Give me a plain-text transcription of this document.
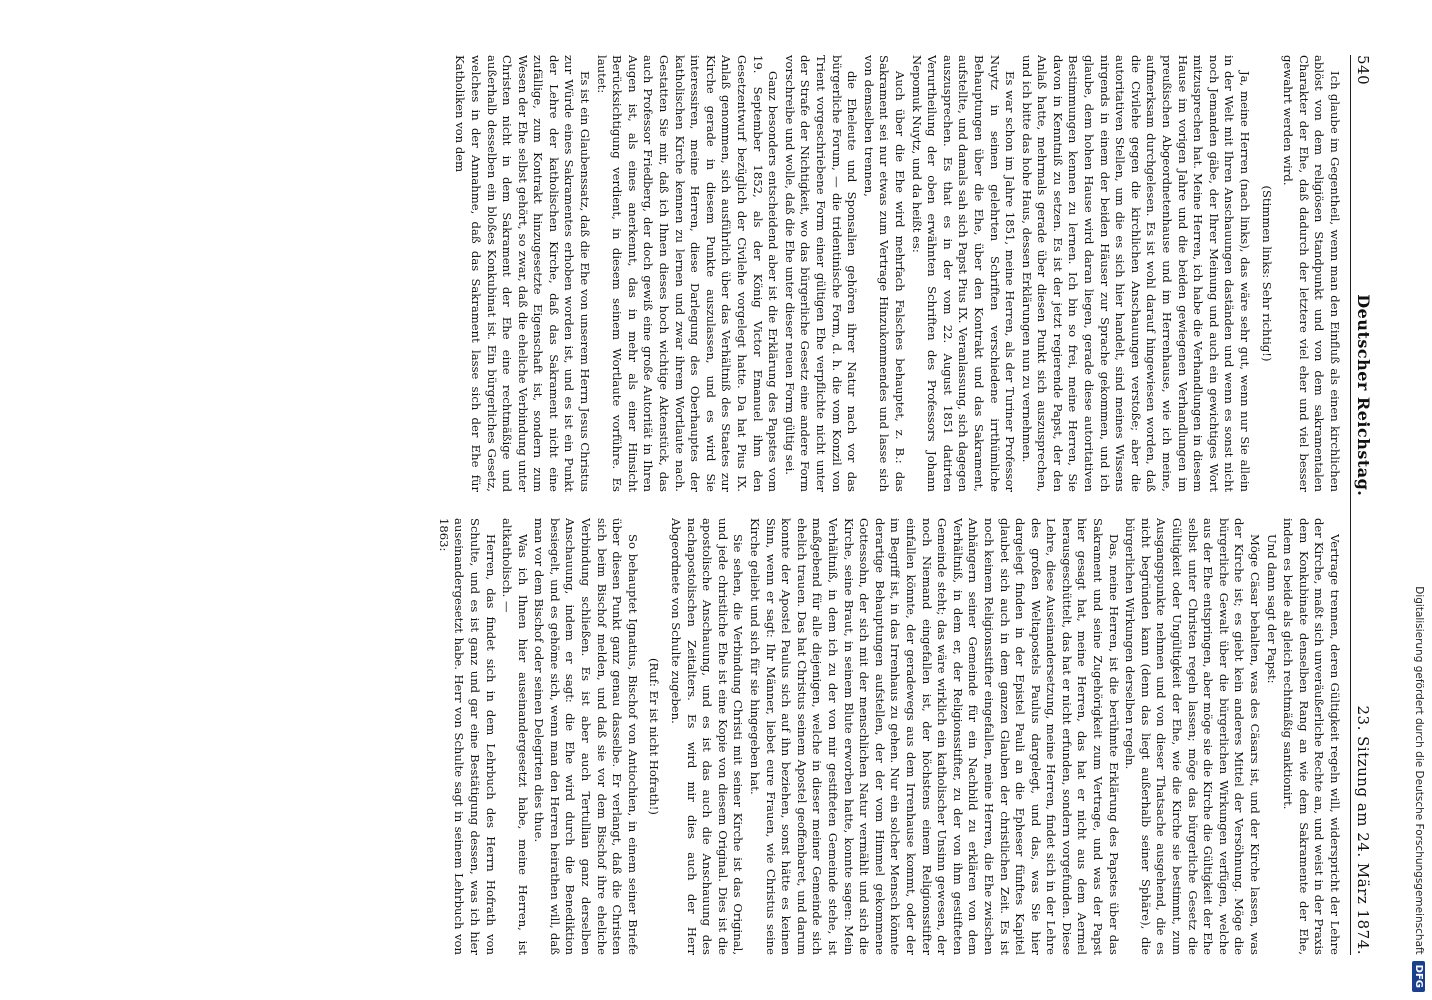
540
Deutscher Reichstag.
23. Sitzung am 24. März 1874.

Ich glaube im Gegentheil, wenn man den Einfluß als einen kirchlichen ablöst von dem religiösen Standpunkt und von dem sakramentalen Charakter der Ehe, daß dadurch der letztere viel eher und viel besser gewahrt werden wird.

(Stimmen links: Sehr richtig!)

Ja, meine Herren (nach links), das wäre sehr gut, wenn nur Sie allein in der Welt mit Ihren Anschauungen daständen und wenn es sonst nicht noch Jemanden gäbe, der Ihrer Meinung und auch ein gewichtiges Wort mitzusprechen hat. Meine Herren, ich habe die Verhandlungen in diesem Hause im vorigen Jahre und die beiden gewiegenen Verhandlungen im preußischen Abgeordnetenhause und im Herrenhause, wie ich meine, aufmerksam durchgelesen. Es ist wohl darauf hingewiesen worden, daß die Civilehe gegen die kirchlichen Anschauungen verstoße; aber die autoritativen Stellen, um die es sich hier handelt, sind meines Wissens nirgends in einem der beiden Häuser zur Sprache gekommen, und ich glaube, dem hohen Hause wird daran liegen, gerade diese autoritativen Bestimmungen kennen zu lernen. Ich bin so frei, meine Herren, Sie davon in Kenntniß zu setzen. Es ist der jetzt regierende Papst, der den Anlaß hatte, mehrmals gerade über diesen Punkt sich auszusprechen, und ich bitte das hohe Haus, dessen Erklärungen nun zu vernehmen.

Es war schon im Jahre 1851, meine Herren, als der Turiner Professor Nuytz in seinen gelehrten Schriften verschiedene irrthümliche Behauptungen über die Ehe, über den Kontrakt und das Sakrament, aufstellte, und damals sah sich Papst Pius IX. Veranlassung, sich dagegen auszusprechen. Es that es in der vom 22. August 1851 datirten Verurtheilung der oben erwähnten Schriften des Professors Johann Nepomuk Nuytz, und da heißt es:

Auch über die Ehe wird mehrfach Falsches behauptet, z. B.: das Sakrament sei nur etwas zum Vertrage Hinzukommendes und lasse sich von demselben trennen,

die Eheleute und Sponsalien gehören ihrer Natur nach vor das bürgerliche Forum, — die tridentinische Form, d. h. die vom Konzil von Trient vorgeschriebene Form einer gültigen Ehe verpflichte nicht unter der Strafe der Nichtigkeit, wo das bürgerliche Gesetz eine andere Form vorschreibe und wolle, daß die Ehe unter dieser neuen Form gültig sei.

Ganz besonders entscheidend aber ist die Erklärung des Papstes vom 19. September 1852, als der König Victor Emanuel ihm den Gesetzentwurf bezüglich der Civilehe vorgelegt hatte. Da hat Pius IX. Anlaß genommen, sich ausführlich über das Verhältniß des Staates zur Kirche gerade in diesem Punkte auszulassen, und es wird Sie interessiren, meine Herren, diese Darlegung des Oberhauptes der katholischen Kirche kennen zu lernen und zwar ihrem Wortlaute nach. Gestatten Sie mir, daß ich Ihnen dieses hoch wichtige Aktenstück, das auch Professor Friedberg, der doch gewiß eine große Autorität in Ihren Augen ist, als eines anerkennt, das in mehr als einer Hinsicht Berücksichtigung verdient, in diesem seinem Wortlaute vorführe. Es lautet:

Es ist ein Glaubenssatz, daß die Ehe von unserem Herrn Jesus Christus zur Würde eines Sakramentes erhoben worden ist, und es ist ein Punkt der Lehre der katholischen Kirche, daß das Sakrament nicht eine zufällige, zum Kontrakt hinzugesetzte Eigenschaft ist, sondern zum Wesen der Ehe selbst gehört, so zwar, daß die eheliche Verbindung unter Christen nicht in dem Sakrament der Ehe eine rechtmäßige und außerhalb desselben ein bloßes Konkubinat ist. Ein bürgerliches Gesetz, welches in der Annahme, daß das Sakrament lasse sich der Ehe für Katholiken von dem

Vertrage trennen, deren Gültigkeit regeln will, widerspricht der Lehre der Kirche, maßt sich unveräußerliche Rechte an, und weist in der Praxis dem Konkubinate denselben Rang an wie dem Sakramente der Ehe, indem es beide als gleich rechtmäßig sanktionirt.

Und dann sagt der Papst:

Möge Cäsar behalten, was des Cäsars ist, und der Kirche lassen, was der Kirche ist; es giebt kein anderes Mittel der Versöhnung. Möge die bürgerliche Gewalt über die bürgerlichen Wirkungen verfügen, welche aus der Ehe entspringen, aber möge sie die Kirche die Gültigkeit der Ehe selbst unter Christen regeln lassen; möge das bürgerliche Gesetz die Gültigkeit oder Ungültigkeit der Ehe, wie die Kirche sie bestimmt, zum Ausgangspunkte nehmen und von dieser Thatsache ausgehend, die es nicht begründen kann (denn das liegt außerhalb seiner Sphäre), die bürgerlichen Wirkungen derselben regeln.

Das, meine Herren, ist die berühmte Erklärung des Papstes über das Sakrament und seine Zugehörigkeit zum Vertrage, und was der Papst hier gesagt hat, meine Herren, das hat er nicht aus dem Aermel herausgeschüttelt, das hat er nicht erfunden, sondern vorgefunden. Diese Lehre, diese Auseinandersetzung, meine Herren, findet sich in der Lehre des großen Weltapostels Paulus dargelegt, und das, was Sie hier dargelegt finden in der Epistel Pauli an die Epheser fünftes Kapitel glaubet sich auch in dem ganzen Glauben der christlichen Zeit. Es ist noch keinem Religionsstifter eingefallen, meine Herren, die Ehe zwischen Anhängern seiner Gemeinde für ein Nachbild zu erklären von dem Verhältniß, in dem er, der Religionsstifter, zu der von ihm gestifteten Gemeinde steht; das wäre wirklich ein katholischer Unsinn gewesen, der noch Niemand eingefallen ist, der höchstens einem Religionsstifter einfallen könnte, der geradewegs aus dem Irrenhause kommt, oder der im Begriff ist, in das Irrenhaus zu gehen. Nur ein solcher Mensch könnte derartige Behauptungen aufstellen, der der vom Himmel gekommene Gottessohn, der sich mit der menschlichen Natur vermählt und sich die Kirche, seine Braut, in seinem Blute erworben hatte, konnte sagen: Mein Verhältniß, in dem ich zu der von mir gestifteten Gemeinde stehe, ist maßgebend für alle diejenigen, welche in dieser meiner Gemeinde sich ehelich trauen. Das hat Christus seinem Apostel geoffenbaret, und darum konnte der Apostel Paulus sich auf ihn beziehen, sonst hätte es keinen Sinn, wenn er sagt: Ihr Männer, liebet eure Frauen, wie Christus seine Kirche geliebt und sich für sie hingegeben hat.

Sie sehen, die Verbindung Christi mit seiner Kirche ist das Original, und jede christliche Ehe ist eine Kopie von diesem Original. Dies ist die apostolische Anschauung, und es ist das auch die Anschauung des nachapostolischen Zeitalters. Es wird mir dies auch der Herr Abgeordnete von Schulte zugeben.

(Ruf: Er ist nicht Hofrath!)

So behauptet Ignatius, Bischof von Antiochien, in einem seiner Briefe über diesen Punkt ganz genau dasselbe. Er verlangt, daß die Christen sich beim Bischof melden, und daß sie vor dem Bischof ihre eheliche Verbindung schließen. Es ist aber auch Tertullian ganz derselben Anschauung, indem er sagt: die Ehe wird durch die Benediktion besiegelt, und es gehöme sich, wenn man den Herren heirathen will, daß man vor dem Bischof oder seinen Delegirten dies thue.

Was ich Ihnen hier auseinandergesetzt habe, meine Herren, ist altkatholisch. —

Herren, das findet sich in dem Lehrbuch des Herrn Hofrath von Schulte, und es ist ganz und gar eine Bestätigung dessen, was ich hier auseinandergesetzt habe. Herr von Schulte sagt in seinem Lehrbuch von 1863:

Digitalisierung gefördert durch die Deutsche Forschungsgemeinschaft
DFG
